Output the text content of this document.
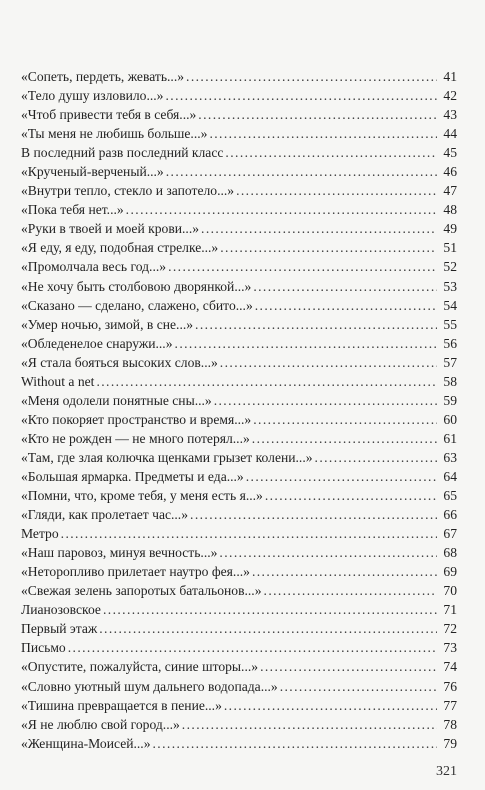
«Сопеть, пердеть, жевать...» . . .	41
«Тело душу изловило...» . . .	42
«Чтоб привести тебя в себя...» . . .	43
«Ты меня не любишь больше...» . . .	44
В последний разв последний класс . . .	45
«Крученый-верченый...» . . .	46
«Внутри тепло, стекло и запотело...» . . .	47
«Пока тебя нет...» . . .	48
«Руки в твоей и моей крови...» . . .	49
«Я еду, я еду, подобная стрелке...» . . .	51
«Промолчала весь год...» . . .	52
«Не хочу быть столбовою дворянкой...» . . .	53
«Сказано — сделано, слажено, сбито...» . . .	54
«Умер ночью, зимой, в сне...» . . .	55
«Обледенелое снаружи...» . . .	56
«Я стала бояться высоких слов...» . . .	57
Without a net . . .	58
«Меня одолели понятные сны...» . . .	59
«Кто покоряет пространство и время...» . . .	60
«Кто не рожден — не много потерял...» . . .	61
«Там, где злая колючка щенками грызет колени...» . . .	63
«Большая ярмарка. Предметы и еда...» . . .	64
«Помни, что, кроме тебя, у меня есть я...» . . .	65
«Гляди, как пролетает час...» . . .	66
Метро . . .	67
«Наш паровоз, минуя вечность...» . . .	68
«Неторопливо прилетает наутро фея...» . . .	69
«Свежая зелень запоротых батальонов...» . . .	70
Лианозовское . . .	71
Первый этаж . . .	72
Письмо . . .	73
«Опустите, пожалуйста, синие шторы...» . . .	74
«Словно уютный шум дальнего водопада...» . . .	76
«Тишина превращается в пение...» . . .	77
«Я не люблю свой город...» . . .	78
«Женщина-Моисей...» . . .	79
321
